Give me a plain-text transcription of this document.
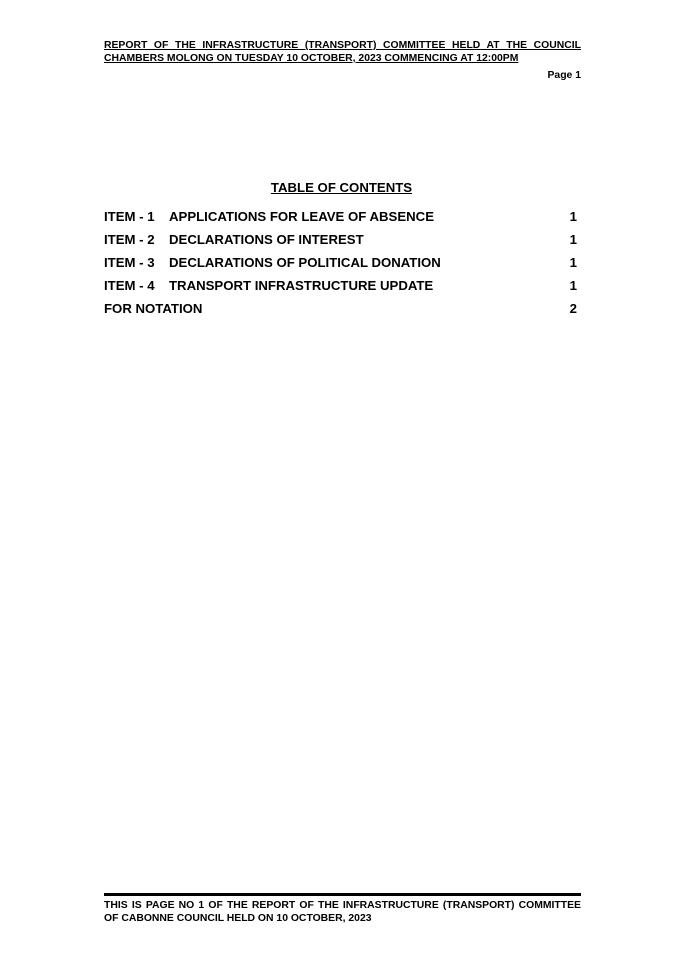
REPORT OF THE INFRASTRUCTURE (TRANSPORT) COMMITTEE HELD AT THE COUNCIL CHAMBERS MOLONG ON TUESDAY 10 OCTOBER, 2023 COMMENCING AT 12:00PM

Page 1
TABLE OF CONTENTS
ITEM - 1	APPLICATIONS FOR LEAVE OF ABSENCE	1
ITEM - 2	DECLARATIONS OF INTEREST	1
ITEM - 3	DECLARATIONS OF POLITICAL DONATION	1
ITEM - 4	TRANSPORT INFRASTRUCTURE UPDATE	1
FOR NOTATION	2

THIS IS PAGE NO 1 OF THE REPORT OF THE INFRASTRUCTURE (TRANSPORT) COMMITTEE OF CABONNE COUNCIL HELD ON 10 OCTOBER, 2023
